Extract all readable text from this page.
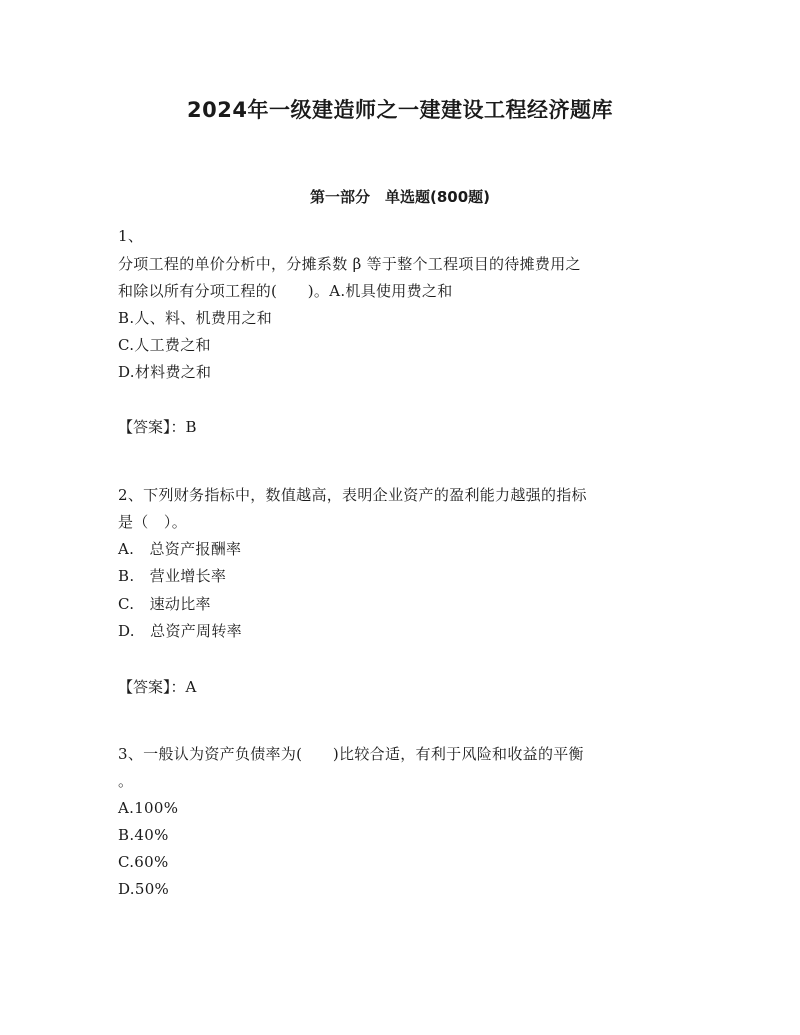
2024年一级建造师之一建建设工程经济题库
第一部分　单选题(800题)
1、
分项工程的单价分析中，分摊系数 β 等于整个工程项目的待摊费用之
和除以所有分项工程的(　　)。A.机具使用费之和
B.人、料、机费用之和
C.人工费之和
D.材料费之和
【答案】：B
2、下列财务指标中，数值越高，表明企业资产的盈利能力越强的指标
是（　）。
A.　总资产报酬率
B.　营业增长率
C.　速动比率
D.　总资产周转率
【答案】：A
3、一般认为资产负债率为(　　)比较合适，有利于风险和收益的平衡
。
A.100%
B.40%
C.60%
D.50%
